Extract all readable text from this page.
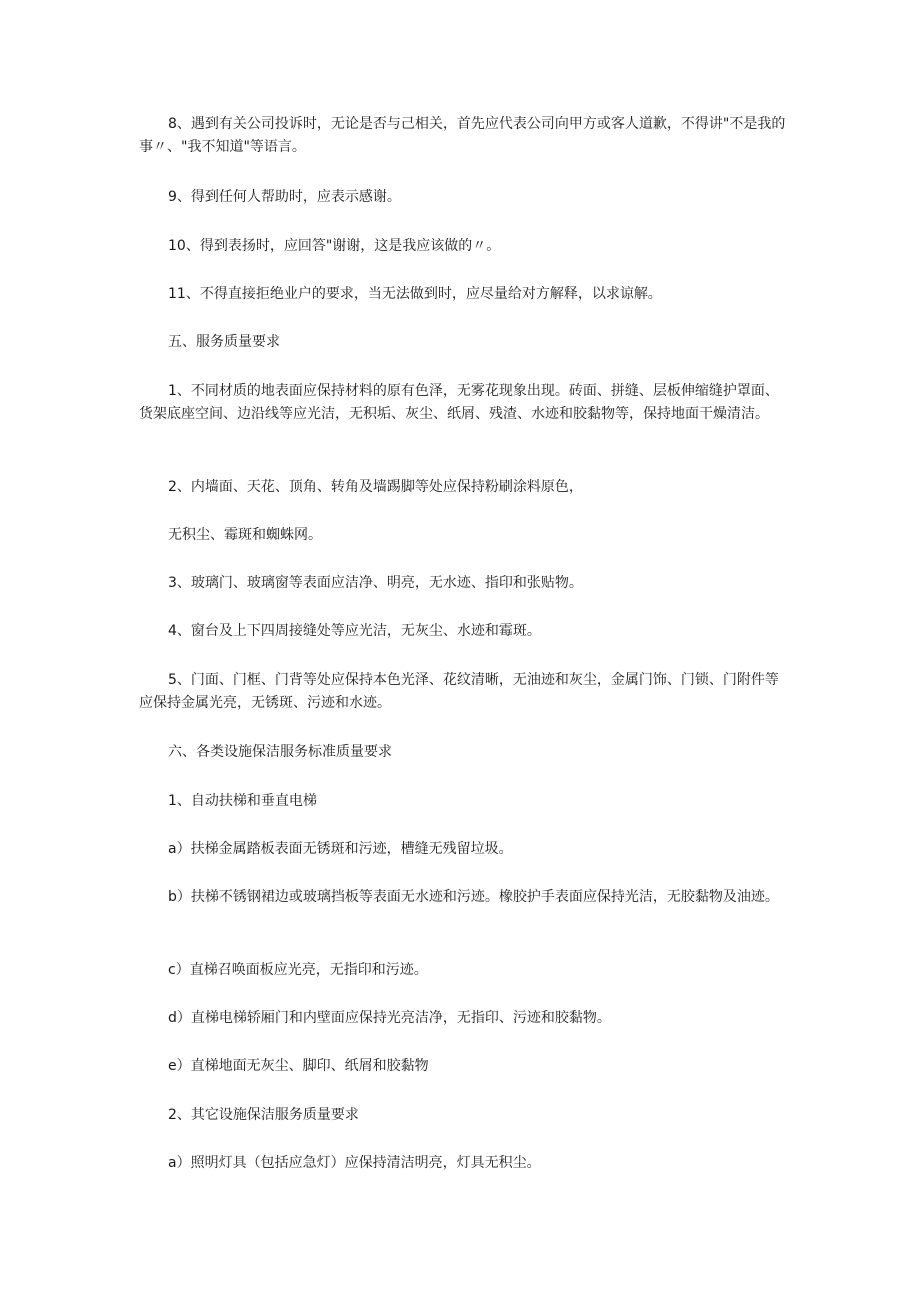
8、遇到有关公司投诉时，无论是否与己相关，首先应代表公司向甲方或客人道歉，不得讲"不是我的事〃、"我不知道"等语言。

9、得到任何人帮助时，应表示感谢。

10、得到表扬时，应回答"谢谢，这是我应该做的〃。

11、不得直接拒绝业户的要求，当无法做到时，应尽量给对方解释，以求谅解。

五、服务质量要求

1、不同材质的地表面应保持材料的原有色泽，无雾花现象出现。砖面、拼缝、层板伸缩缝护罩面、货架底座空间、边沿线等应光洁，无积垢、灰尘、纸屑、残渣、水迹和胶黏物等，保持地面干燥清洁。

2、内墙面、天花、顶角、转角及墙踢脚等处应保持粉刷涂料原色，

无积尘、霉斑和蜘蛛网。

3、玻璃门、玻璃窗等表面应洁净、明亮，无水迹、指印和张贴物。

4、窗台及上下四周接缝处等应光洁，无灰尘、水迹和霉斑。

5、门面、门框、门背等处应保持本色光泽、花纹清晰，无油迹和灰尘，金属门饰、门锁、门附件等应保持金属光亮，无锈斑、污迹和水迹。

六、各类设施保洁服务标准质量要求

1、自动扶梯和垂直电梯

a）扶梯金属踏板表面无锈斑和污迹，槽缝无残留垃圾。

b）扶梯不锈钢裙边或玻璃挡板等表面无水迹和污迹。橡胶护手表面应保持光洁，无胶黏物及油迹。

c）直梯召唤面板应光亮，无指印和污迹。

d）直梯电梯轿厢门和内壁面应保持光亮洁净，无指印、污迹和胶黏物。

e）直梯地面无灰尘、脚印、纸屑和胶黏物

2、其它设施保洁服务质量要求

a）照明灯具（包括应急灯）应保持清洁明亮，灯具无积尘。
